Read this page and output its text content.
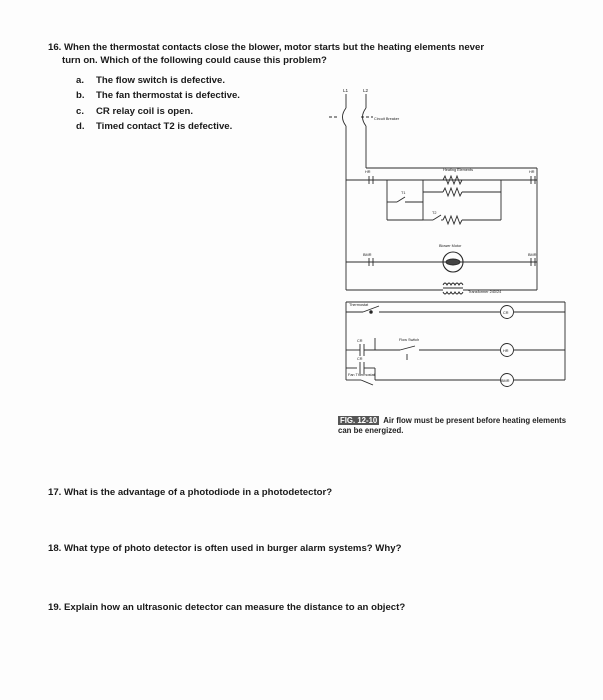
16. When the thermostat contacts close the blower, motor starts but the heating elements never
turn on. Which of the following could cause this problem?
a. The flow switch is defective.
b. The fan thermostat is defective.
c. CR relay coil is open.
d. Timed contact T2 is defective.
L1	L2
Circuit Breaker
HR	HR
Heating Elements
T1
T2
Blower Motor
BMR	BMR
Transformer 240/24
Thermostat
CR	Flow Switch
CR
Fan Thermostat
CR
HR
BMR
FIG. 12-10 Air flow must be present before heating elements can be energized.
17. What is the advantage of a photodiode in a photodetector?
18. What type of photo detector is often used in burger alarm systems? Why?
19. Explain how an ultrasonic detector can measure the distance to an object?
